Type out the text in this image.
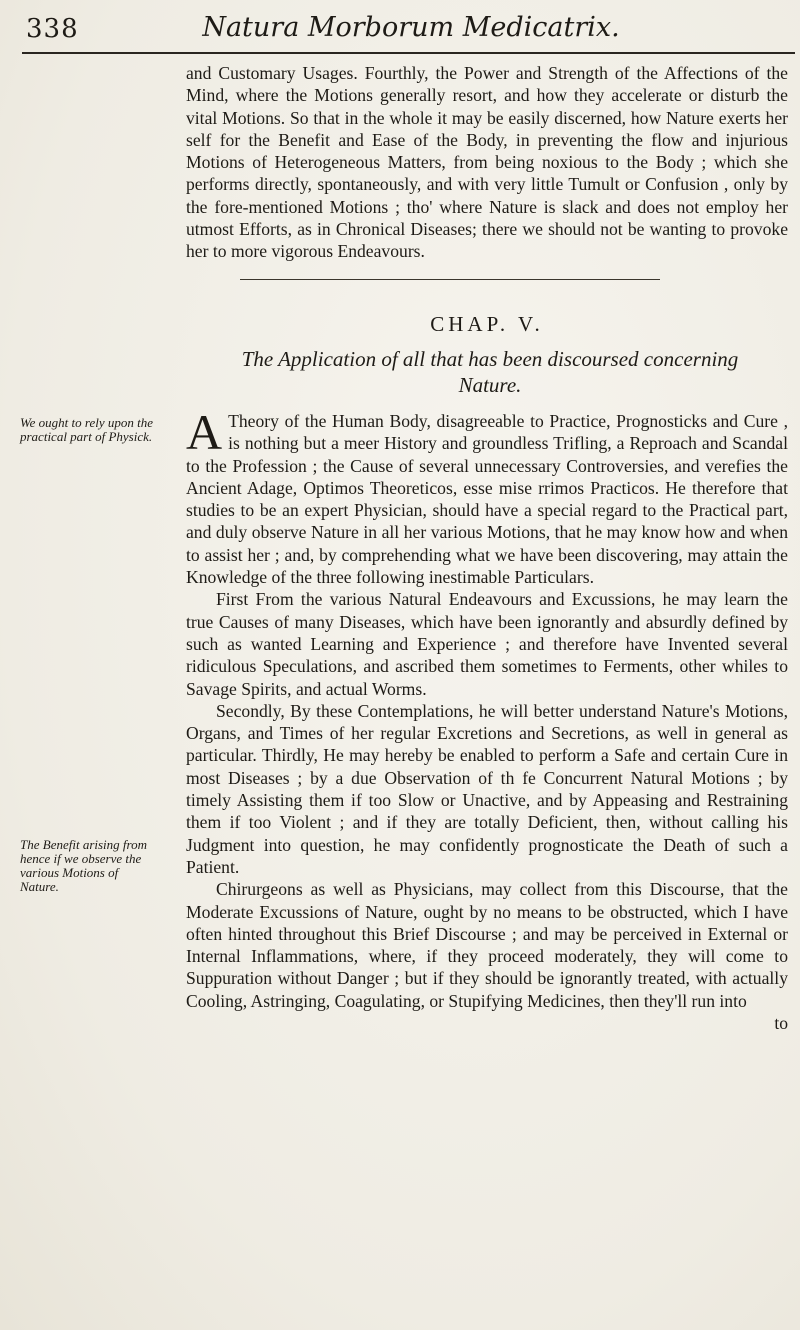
338	Natura Morborum Medicatrix.

and Customary Usages. Fourthly, the Power and Strength of the Affections of the Mind, where the Motions generally resort, and how they accelerate or disturb the vital Motions. So that in the whole it may be easily discerned, how Nature exerts her self for the Benefit and Ease of the Body, in preventing the flow and injurious Motions of Heterogeneous Matters, from being noxious to the Body ; which she performs directly, spontaneously, and with very little Tumult or Confusion , only by the fore-mentioned Motions ; tho' where Nature is slack and does not employ her utmost Efforts, as in Chronical Diseases; there we should not be wanting to provoke her to more vigorous Endeavours.

CHAP. V.
The Application of all that has been discoursed concerning Nature.
We ought to rely upon the practical part of Physick.
The Benefit arising from hence if we observe the various Motions of Nature.

A Theory of the Human Body, disagreeable to Practice, Prognosticks and Cure , is nothing but a meer History and groundless Trifling, a Reproach and Scandal to the Profession ; the Cause of several unnecessary Controversies, and verefies the Ancient Adage, Optimos Theoreticos, esse mise rrimos Practicos. He therefore that studies to be an expert Physician, should have a special regard to the Practical part, and duly observe Nature in all her various Motions, that he may know how and when to assist her ; and, by comprehending what we have been discovering, may attain the Knowledge of the three following inestimable Particulars.

First From the various Natural Endeavours and Excussions, he may learn the true Causes of many Diseases, which have been ignorantly and absurdly defined by such as wanted Learning and Experience ; and therefore have Invented several ridiculous Speculations, and ascribed them sometimes to Ferments, other whiles to Savage Spirits, and actual Worms.

Secondly, By these Contemplations, he will better understand Nature's Motions, Organs, and Times of her regular Excretions and Secretions, as well in general as particular. Thirdly, He may hereby be enabled to perform a Safe and certain Cure in most Diseases ; by a due Observation of th fe Concurrent Natural Motions ; by timely Assisting them if too Slow or Unactive, and by Appeasing and Restraining them if too Violent ; and if they are totally Deficient, then, without calling his Judgment into question, he may confidently prognosticate the Death of such a Patient.

Chirurgeons as well as Physicians, may collect from this Discourse, that the Moderate Excussions of Nature, ought by no means to be obstructed, which I have often hinted throughout this Brief Discourse ; and may be perceived in External or Internal Inflammations, where, if they proceed moderately, they will come to Suppuration without Danger ; but if they should be ignorantly treated, with actually Cooling, Astringing, Coagulating, or Stupifying Medicines, then they'll run into

to
